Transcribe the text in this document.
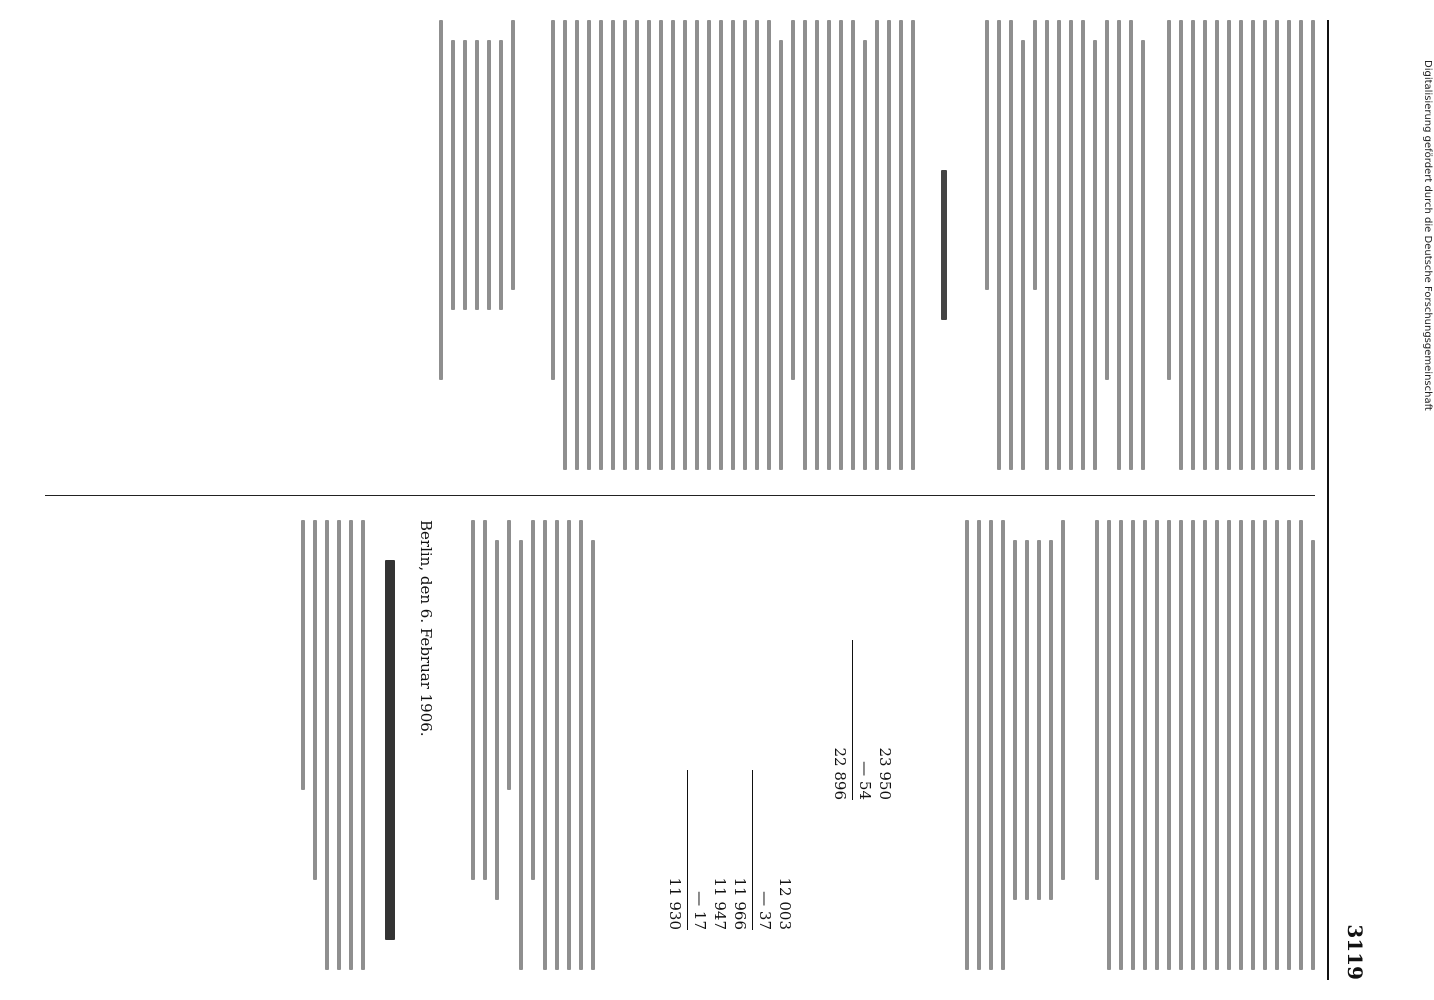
3119
23 950
— 54
22 896
12 003
— 37
11 966
11 947
— 17
11 930
Berlin, den 6. Februar 1906.
Digitalisierung gefördert durch die Deutsche Forschungsgemeinschaft
